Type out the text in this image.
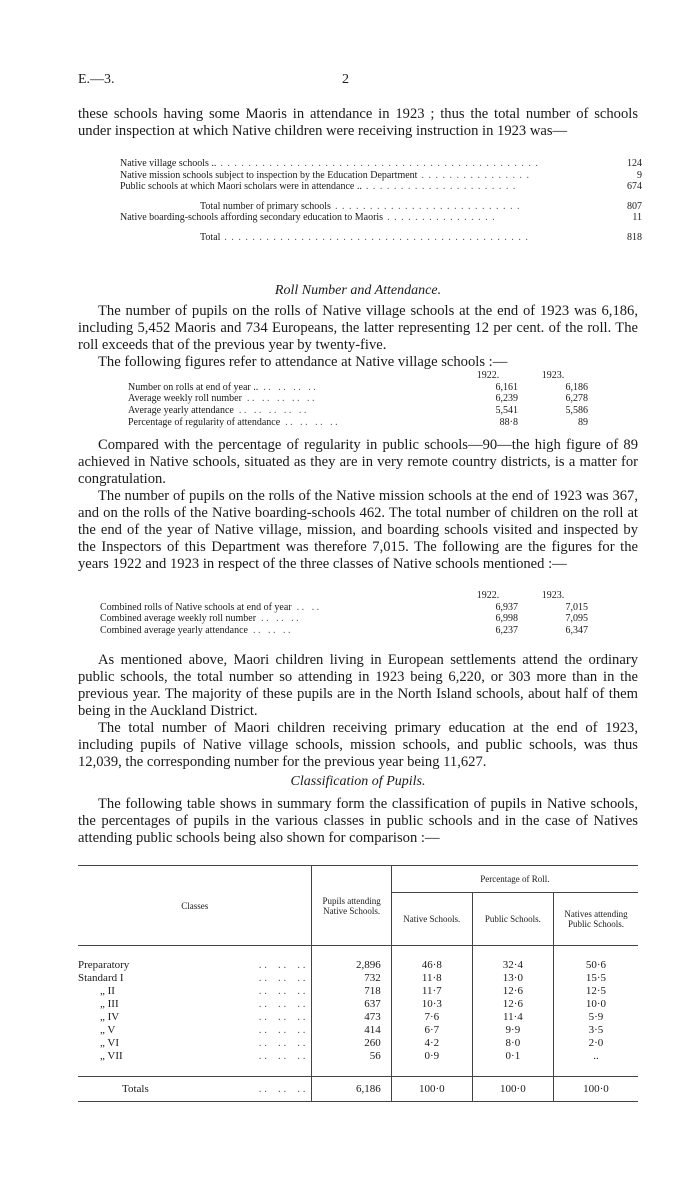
E.—3.	2
these schools having some Maoris in attendance in 1923 ; thus the total number of schools under inspection at which Native children were receiving instruction in 1923 was—
Native village schools .. . . . . . . . . . . . . . . . . . . . . . . . . . . . . . . . . . . . . . . . . . . . . . .	124
Native mission schools subject to inspection by the Education Department . . . . . . . . . . . . . . . .	9
Public schools at which Maori scholars were in attendance .. . . . . . . . . . . . . . . . . . . . . . .	674
Total number of primary schools . . . . . . . . . . . . . . . . . . . . . . . . . . .	807
Native boarding-schools affording secondary education to Maoris . . . . . . . . . . . . . . . .	11
Total . . . . . . . . . . . . . . . . . . . . . . . . . . . . . . . . . . . . . . . . . . . .	818
Roll Number and Attendance.
The number of pupils on the rolls of Native village schools at the end of 1923 was 6,186, including 5,452 Maoris and 734 Europeans, the latter representing 12 per cent. of the roll. The roll exceeds that of the previous year by twenty-five.
The following figures refer to attendance at Native village schools :—
	1922.	1923.
Number on rolls at end of year ..  . .   . .   . .   . .	6,161	6,186
Average weekly roll number  . .   . .   . .   . .   . .	6,239	6,278
Average yearly attendance  . .   . .   . .   . .   . .	5,541	5,586
Percentage of regularity of attendance  . .   . .   . .   . .	88·8	89
Compared with the percentage of regularity in public schools—90—the high figure of 89 achieved in Native schools, situated as they are in very remote country districts, is a matter for congratulation.
The number of pupils on the rolls of the Native mission schools at the end of 1923 was 367, and on the rolls of the Native boarding-schools 462. The total number of children on the roll at the end of the year of Native village, mission, and boarding schools visited and inspected by the Inspectors of this Department was therefore 7,015. The following are the figures for the years 1922 and 1923 in respect of the three classes of Native schools mentioned :—
	1922.	1923.
Combined rolls of Native schools at end of year  . .   . .	6,937	7,015
Combined average weekly roll number  . .   . .   . .	6,998	7,095
Combined average yearly attendance  . .   . .   . .	6,237	6,347
As mentioned above, Maori children living in European settlements attend the ordinary public schools, the total number so attending in 1923 being 6,220, or 303 more than in the previous year. The majority of these pupils are in the North Island schools, about half of them being in the Auckland District.
The total number of Maori children receiving primary education at the end of 1923, including pupils of Native village schools, mission schools, and public schools, was thus 12,039, the corresponding number for the previous year being 11,627.
Classification of Pupils.
The following table shows in summary form the classification of pupils in Native schools, the percentages of pupils in the various classes in public schools and in the case of Natives attending public schools being also shown for comparison :—
Classes	Pupils attending Native Schools.	Percentage of Roll.		
		Native Schools.	Public Schools.	Natives attending Public Schools.

Preparatory . .    . .    . .	2,896	46·8	32·4	50·6
Standard I . .    . .    . .	732	11·8	13·0	15·5
„ II . .    . .    . .	718	11·7	12·6	12·5
„ III . .    . .    . .	637	10·3	12·6	10·0
„ IV . .    . .    . .	473	7·6	11·4	5·9
„ V . .    . .    . .	414	6·7	9·9	3·5
„ VI . .    . .    . .	260	4·2	8·0	2·0
„ VII . .    . .    . .	56	0·9	0·1	..

Totals . .    . .    . .	6,186	100·0	100·0	100·0
